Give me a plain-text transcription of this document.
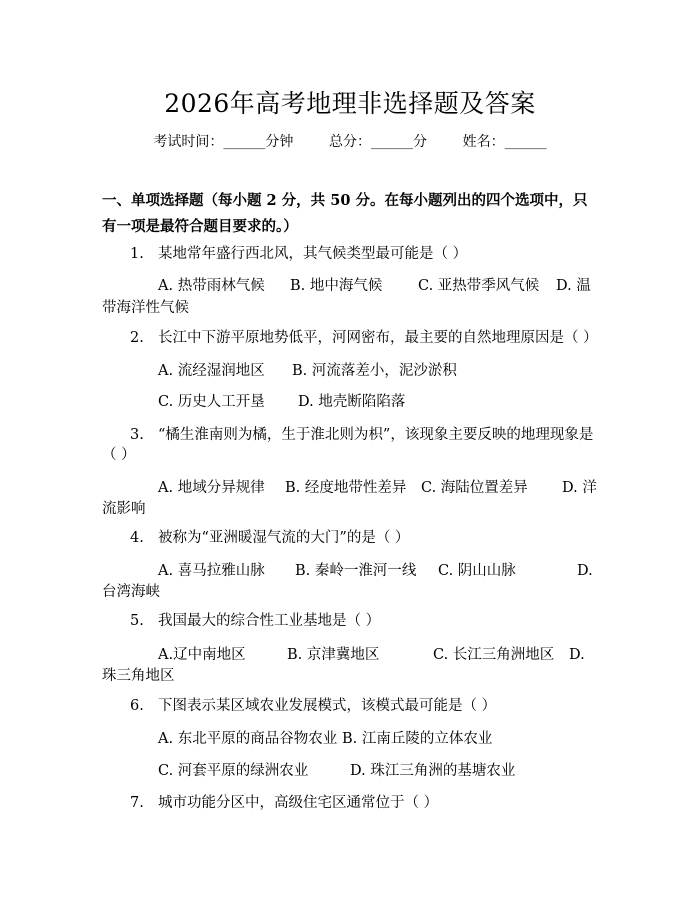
2026年高考地理非选择题及答案
考试时间：______分钟	总分：______分	姓名：______

一、单项选择题（每小题 2 分，共 50 分。在每小题列出的四个选项中，只有一项是最符合题目要求的。）

1. 某地常年盛行西北风，其气候类型最可能是（ ）
A. 热带雨林气候 B. 地中海气候 C. 亚热带季风气候 D. 温
带海洋性气候
2. 长江中下游平原地势低平，河网密布，最主要的自然地理原因是（ ）
A. 流经湿润地区 B. 河流落差小，泥沙淤积
C. 历史人工开垦 D. 地壳断陷陷落
3. “橘生淮南则为橘，生于淮北则为枳”，该现象主要反映的地理现象是
（ ）
A. 地域分异规律 B. 经度地带性差异 C. 海陆位置差异 D. 洋
流影响
4. 被称为“亚洲暖湿气流的大门”的是（ ）
A. 喜马拉雅山脉 B. 秦岭一淮河一线 C. 阴山山脉	D.
台湾海峡
5. 我国最大的综合性工业基地是（ ）
A.辽中南地区	B. 京津冀地区	C. 长江三角洲地区 D.
珠三角地区
6. 下图表示某区域农业发展模式，该模式最可能是（ ）
A. 东北平原的商品谷物农业 B. 江南丘陵的立体农业
C. 河套平原的绿洲农业	D. 珠江三角洲的基塘农业
7. 城市功能分区中，高级住宅区通常位于（ ）
